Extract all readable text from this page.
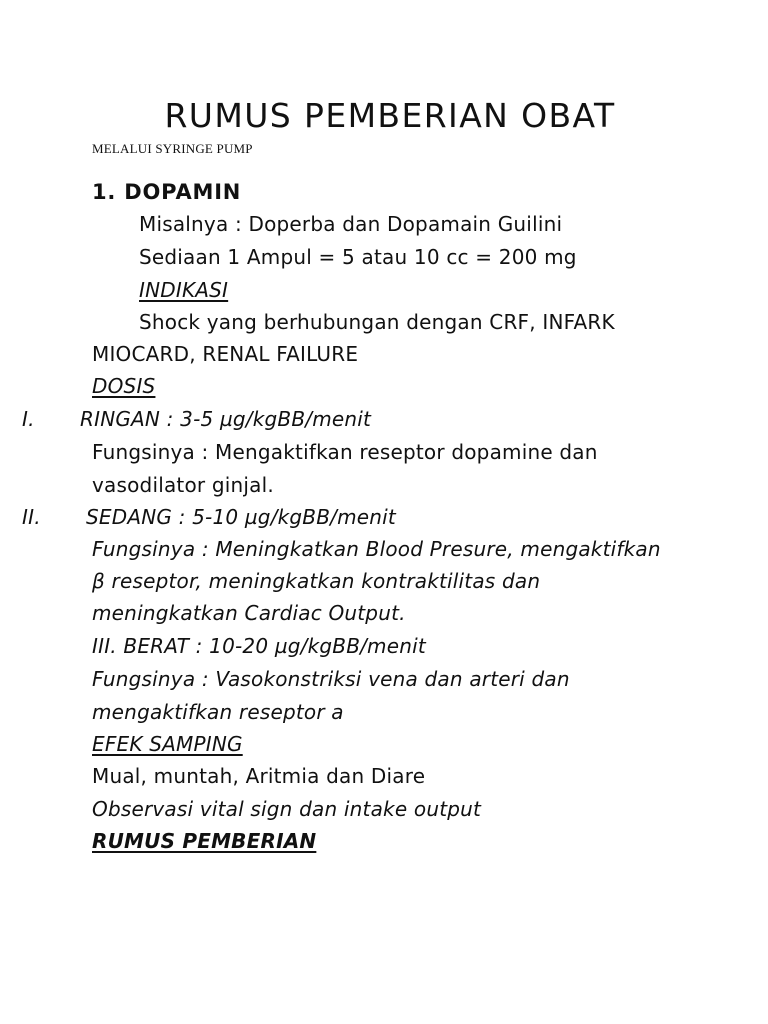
RUMUS PEMBERIAN OBAT
MELALUI SYRINGE PUMP
1. DOPAMIN
Misalnya : Doperba dan Dopamain Guilini
Sediaan 1 Ampul = 5 atau 10 cc = 200 mg
INDIKASI
Shock yang berhubungan dengan CRF, INFARK
MIOCARD, RENAL FAILURE
DOSIS
I. RINGAN : 3-5 µg/kgBB/menit
Fungsinya : Mengaktifkan reseptor dopamine dan
vasodilator ginjal.
II. SEDANG : 5-10 µg/kgBB/menit
Fungsinya : Meningkatkan Blood Presure, mengaktifkan
β reseptor, meningkatkan kontraktilitas dan
meningkatkan Cardiac Output.
III. BERAT : 10-20 µg/kgBB/menit
Fungsinya : Vasokonstriksi vena dan arteri dan
mengaktifkan reseptor a
EFEK SAMPING
Mual, muntah, Aritmia dan Diare
Observasi vital sign dan intake output
RUMUS PEMBERIAN
